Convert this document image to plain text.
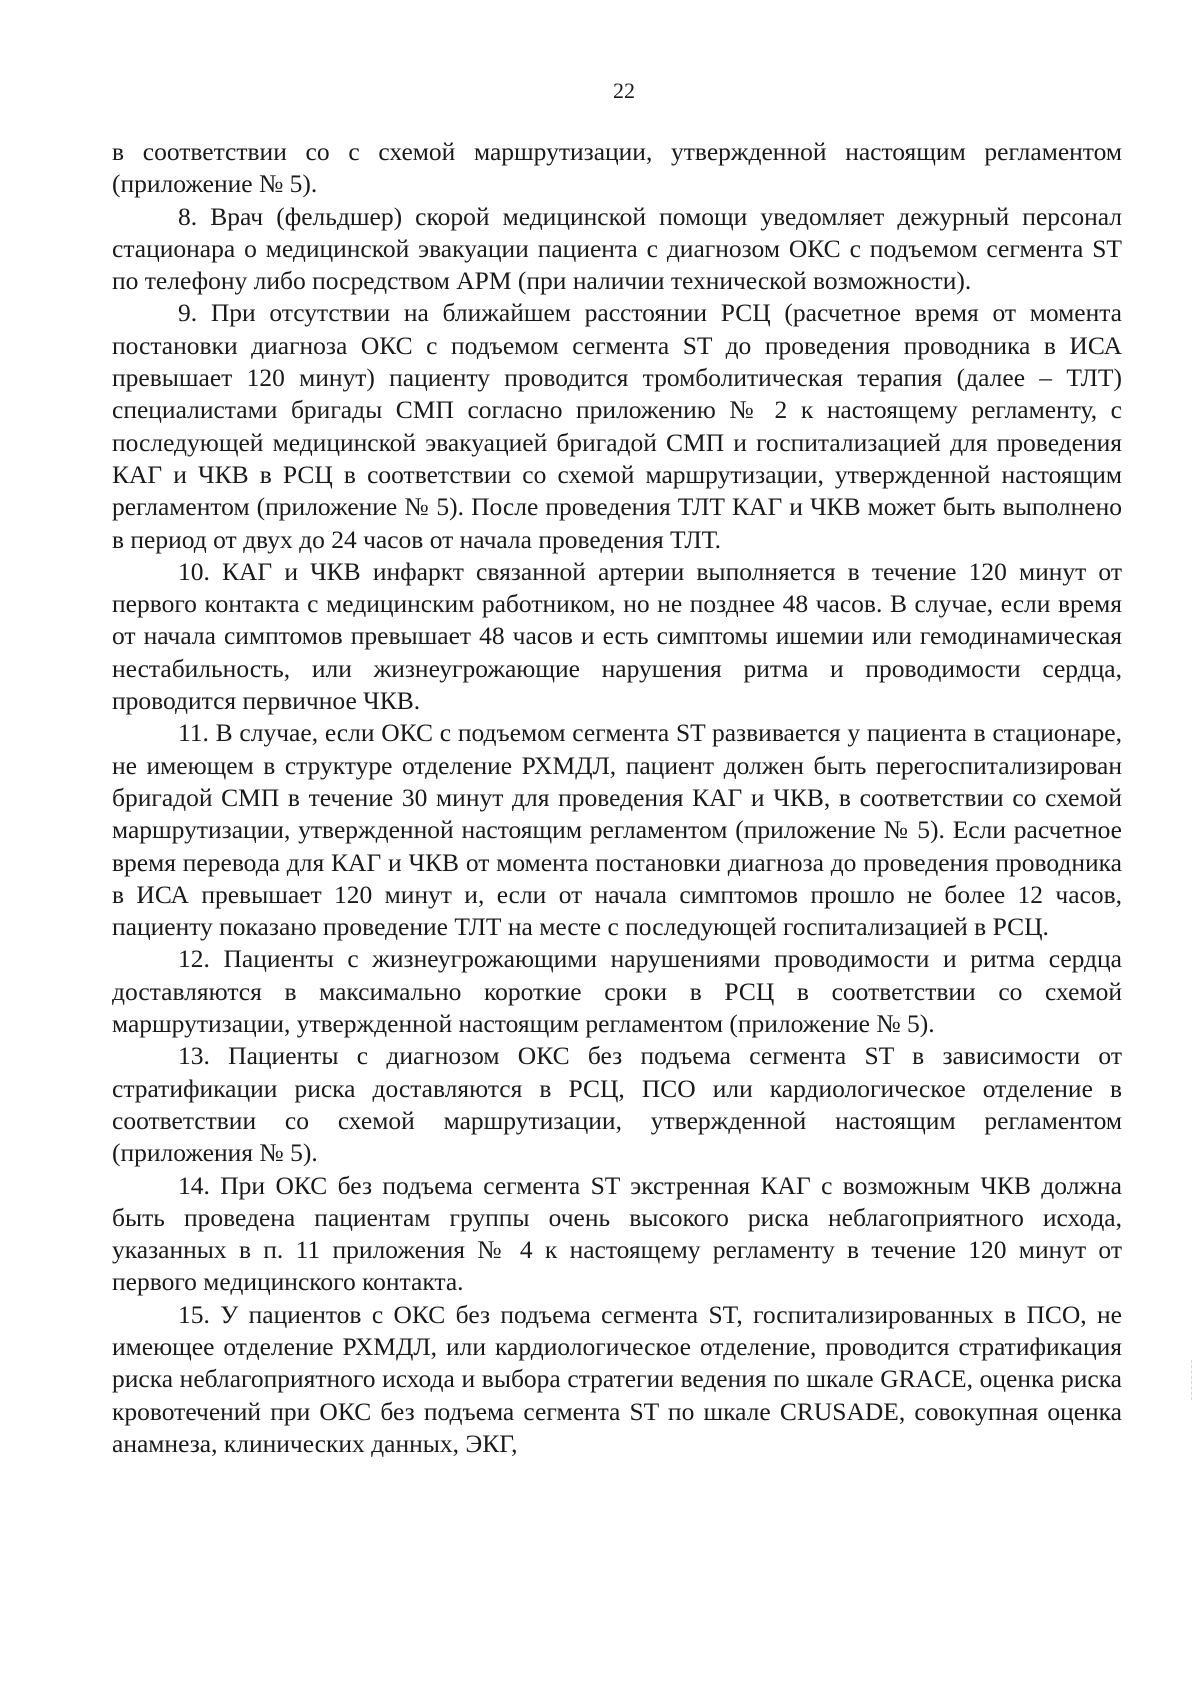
22

в соответствии со с схемой маршрутизации, утвержденной настоящим регламентом (приложение № 5).

8. Врач (фельдшер) скорой медицинской помощи уведомляет дежурный персонал стационара о медицинской эвакуации пациента с диагнозом ОКС с подъемом сегмента ST по телефону либо посредством АРМ (при наличии технической возможности).

9. При отсутствии на ближайшем расстоянии РСЦ (расчетное время от момента постановки диагноза ОКС с подъемом сегмента ST до проведения проводника в ИСА превышает 120 минут) пациенту проводится тромболитическая терапия (далее – ТЛТ) специалистами бригады СМП согласно приложению № 2 к настоящему регламенту, с последующей медицинской эвакуацией бригадой СМП и госпитализацией для проведения КАГ и ЧКВ в РСЦ в соответствии со схемой маршрутизации, утвержденной настоящим регламентом (приложение № 5). После проведения ТЛТ КАГ и ЧКВ может быть выполнено в период от двух до 24 часов от начала проведения ТЛТ.

10. КАГ и ЧКВ инфаркт связанной артерии выполняется в течение 120 минут от первого контакта с медицинским работником, но не позднее 48 часов. В случае, если время от начала симптомов превышает 48 часов и есть симптомы ишемии или гемодинамическая нестабильность, или жизнеугрожающие нарушения ритма и проводимости сердца, проводится первичное ЧКВ.

11. В случае, если ОКС с подъемом сегмента ST развивается у пациента в стационаре, не имеющем в структуре отделение РХМДЛ, пациент должен быть перегоспитализирован бригадой СМП в течение 30 минут для проведения КАГ и ЧКВ, в соответствии со схемой маршрутизации, утвержденной настоящим регламентом (приложение № 5). Если расчетное время перевода для КАГ и ЧКВ от момента постановки диагноза до проведения проводника в ИСА превышает 120 минут и, если от начала симптомов прошло не более 12 часов, пациенту показано проведение ТЛТ на месте с последующей госпитализацией в РСЦ.

12. Пациенты с жизнеугрожающими нарушениями проводимости и ритма сердца доставляются в максимально короткие сроки в РСЦ в соответствии со схемой маршрутизации, утвержденной настоящим регламентом (приложение № 5).

13. Пациенты с диагнозом ОКС без подъема сегмента ST в зависимости от стратификации риска доставляются в РСЦ, ПСО или кардиологическое отделение в соответствии со схемой маршрутизации, утвержденной настоящим регламентом (приложения № 5).

14. При ОКС без подъема сегмента ST экстренная КАГ с возможным ЧКВ должна быть проведена пациентам группы очень высокого риска неблагоприятного исхода, указанных в п. 11 приложения № 4 к настоящему регламенту в течение 120 минут от первого медицинского контакта.

15. У пациентов с ОКС без подъема сегмента ST, госпитализированных в ПСО, не имеющее отделение РХМДЛ, или кардиологическое отделение, проводится стратификация риска неблагоприятного исхода и выбора стратегии ведения по шкале GRACE, оценка риска кровотечений при ОКС без подъема сегмента ST по шкале CRUSADE, совокупная оценка анамнеза, клинических данных, ЭКГ,
